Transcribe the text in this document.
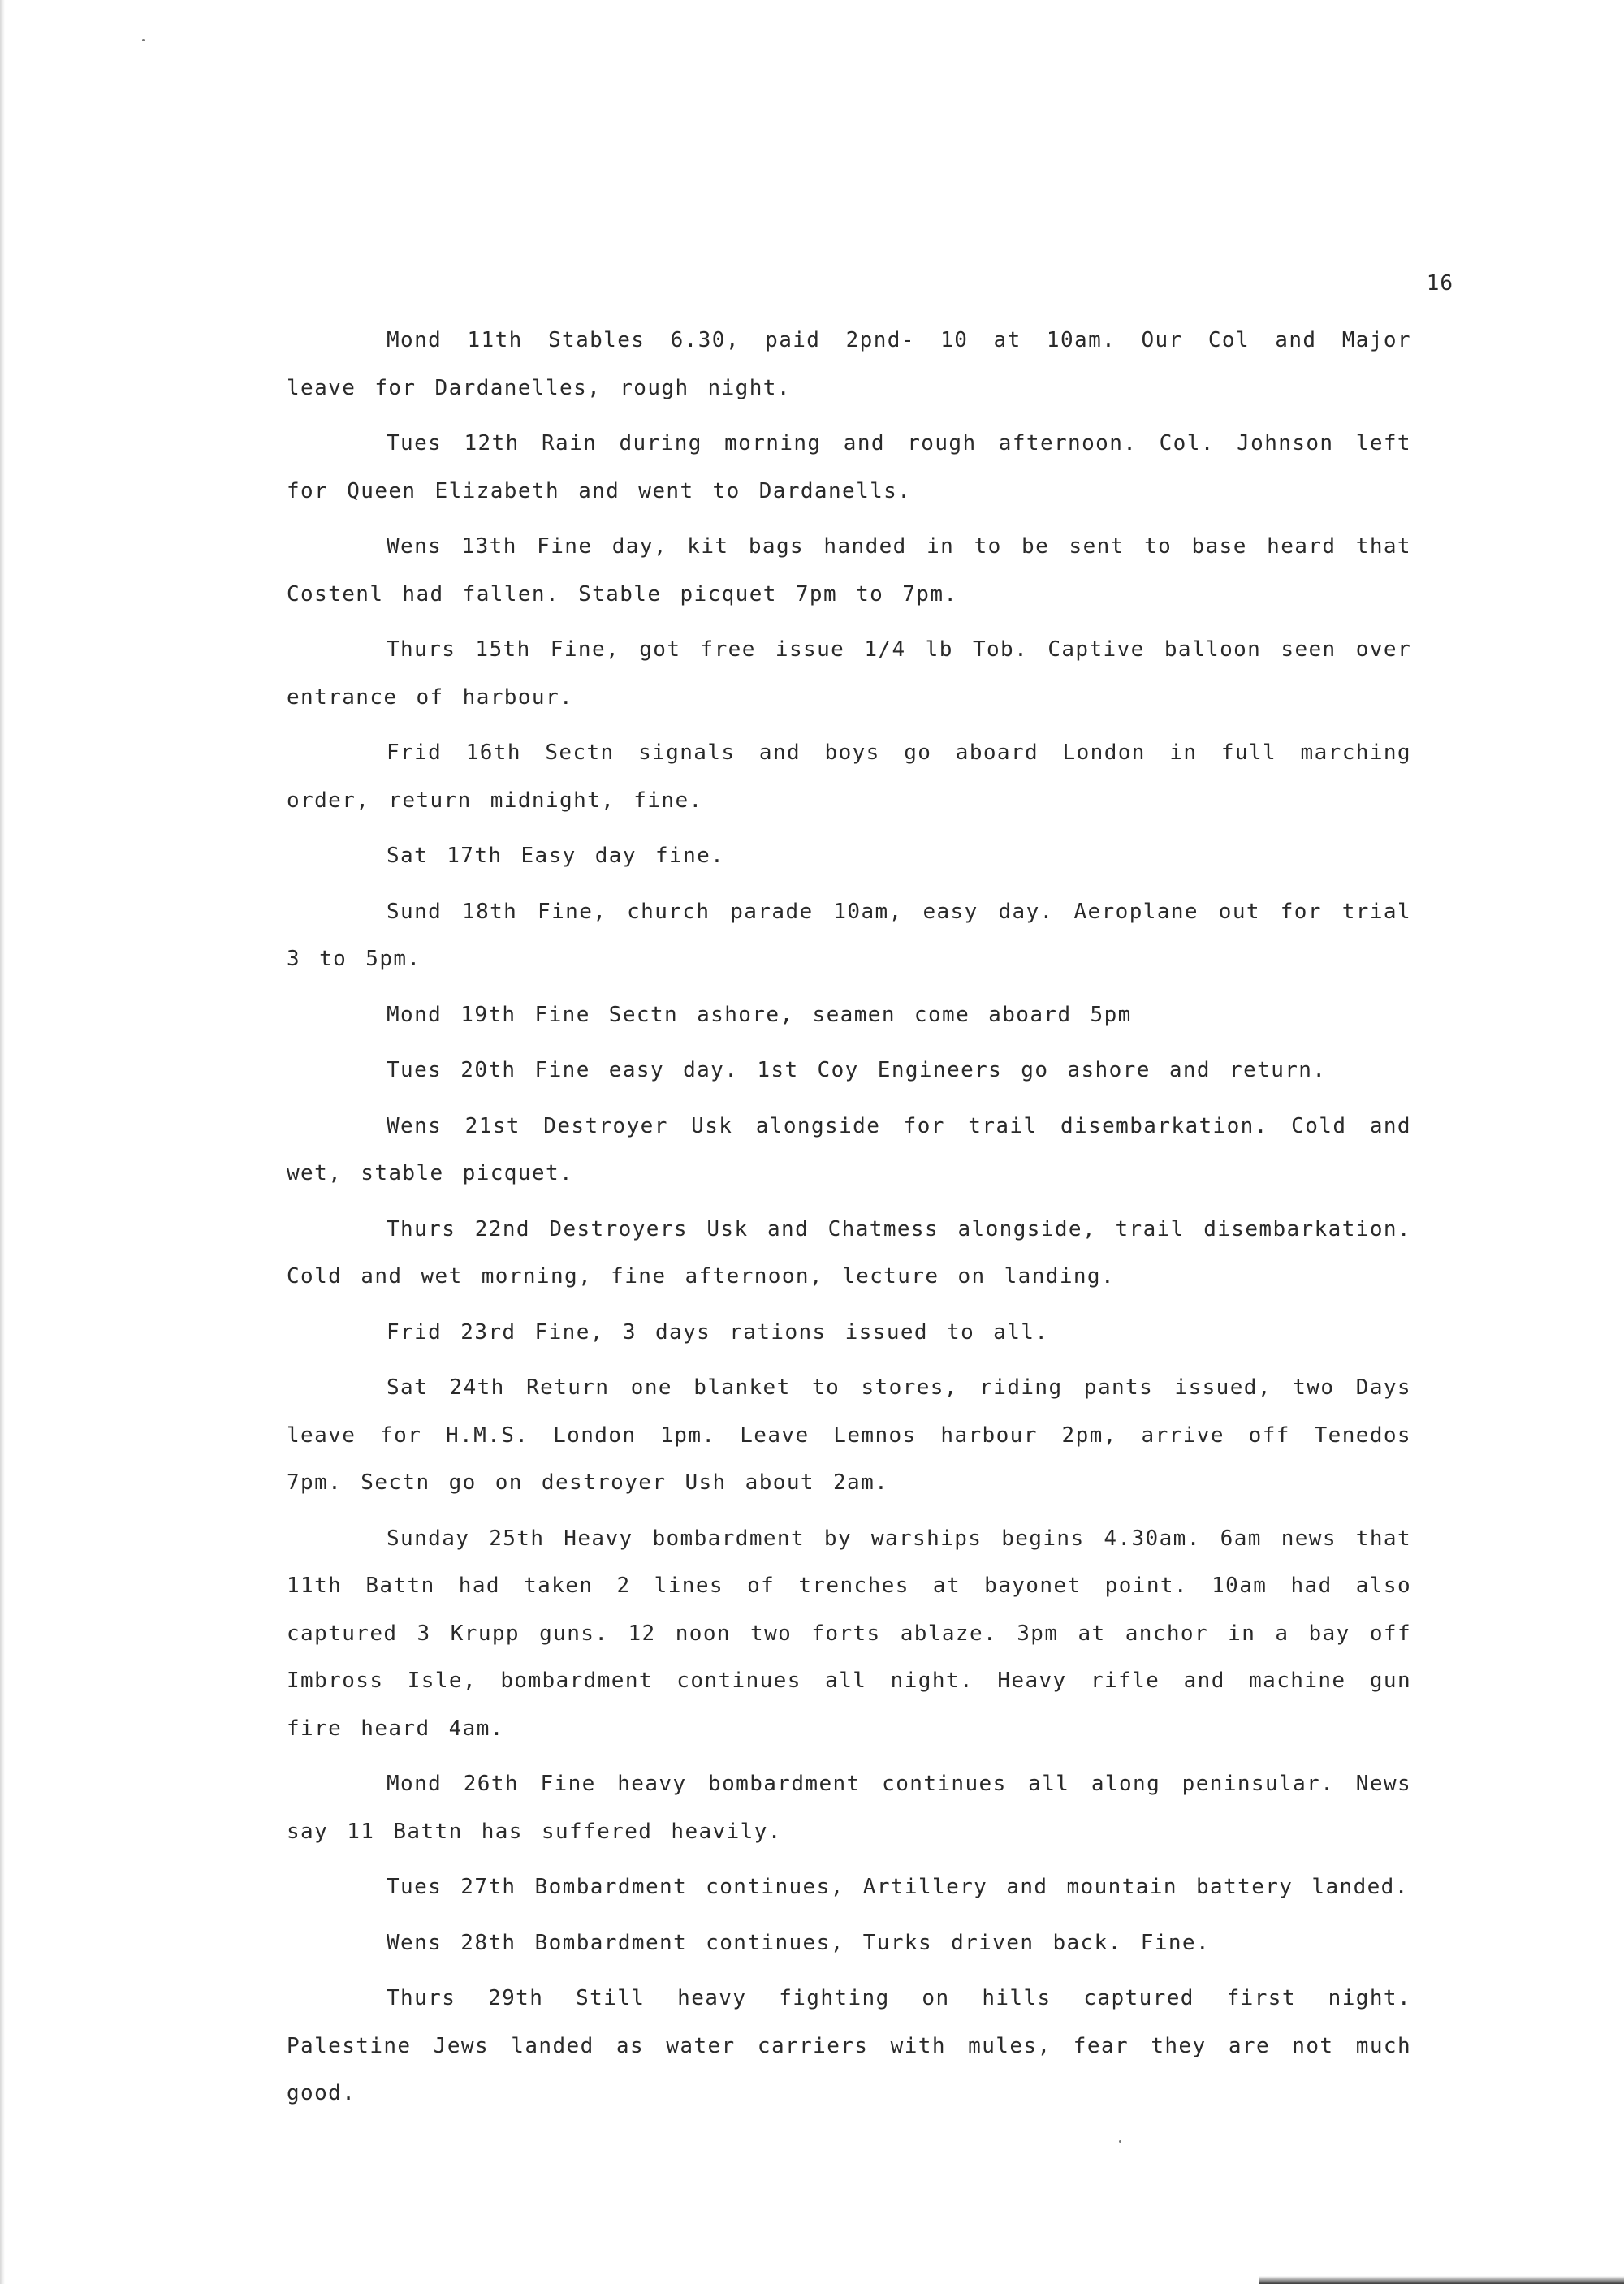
16

Mond 11th Stables 6.30, paid 2pnd- 10 at 10am. Our Col and Major leave for Dardanelles, rough night.

Tues 12th Rain during morning and rough afternoon. Col. Johnson left for Queen Elizabeth and went to Dardanells.

Wens 13th Fine day, kit bags handed in to be sent to base heard that Costenl had fallen. Stable picquet 7pm to 7pm.

Thurs 15th Fine, got free issue 1/4 lb Tob. Captive balloon seen over entrance of harbour.

Frid 16th Sectn signals and boys go aboard London in full marching order, return midnight, fine.

Sat 17th Easy day fine.

Sund 18th Fine, church parade 10am, easy day. Aeroplane out for trial 3 to 5pm.

Mond 19th Fine Sectn ashore, seamen come aboard 5pm

Tues 20th Fine easy day. 1st Coy Engineers go ashore and return.

Wens 21st Destroyer Usk alongside for trail disembarkation. Cold and wet, stable picquet.

Thurs 22nd Destroyers Usk and Chatmess alongside, trail disembarkation. Cold and wet morning, fine afternoon, lecture on landing.

Frid 23rd Fine, 3 days rations issued to all.

Sat 24th Return one blanket to stores, riding pants issued, two Days leave for H.M.S. London 1pm. Leave Lemnos harbour 2pm, arrive off Tenedos 7pm. Sectn go on destroyer Ush about 2am.

Sunday 25th Heavy bombardment by warships begins 4.30am. 6am news that 11th Battn had taken 2 lines of trenches at bayonet point. 10am had also captured 3 Krupp guns. 12 noon two forts ablaze. 3pm at anchor in a bay off Imbross Isle, bombardment continues all night. Heavy rifle and machine gun fire heard 4am.

Mond 26th Fine heavy bombardment continues all along peninsular. News say 11 Battn has suffered heavily.

Tues 27th Bombardment continues, Artillery and mountain battery landed.

Wens 28th Bombardment continues, Turks driven back. Fine.

Thurs 29th Still heavy fighting on hills captured first night. Palestine Jews landed as water carriers with mules, fear they are not much good.
